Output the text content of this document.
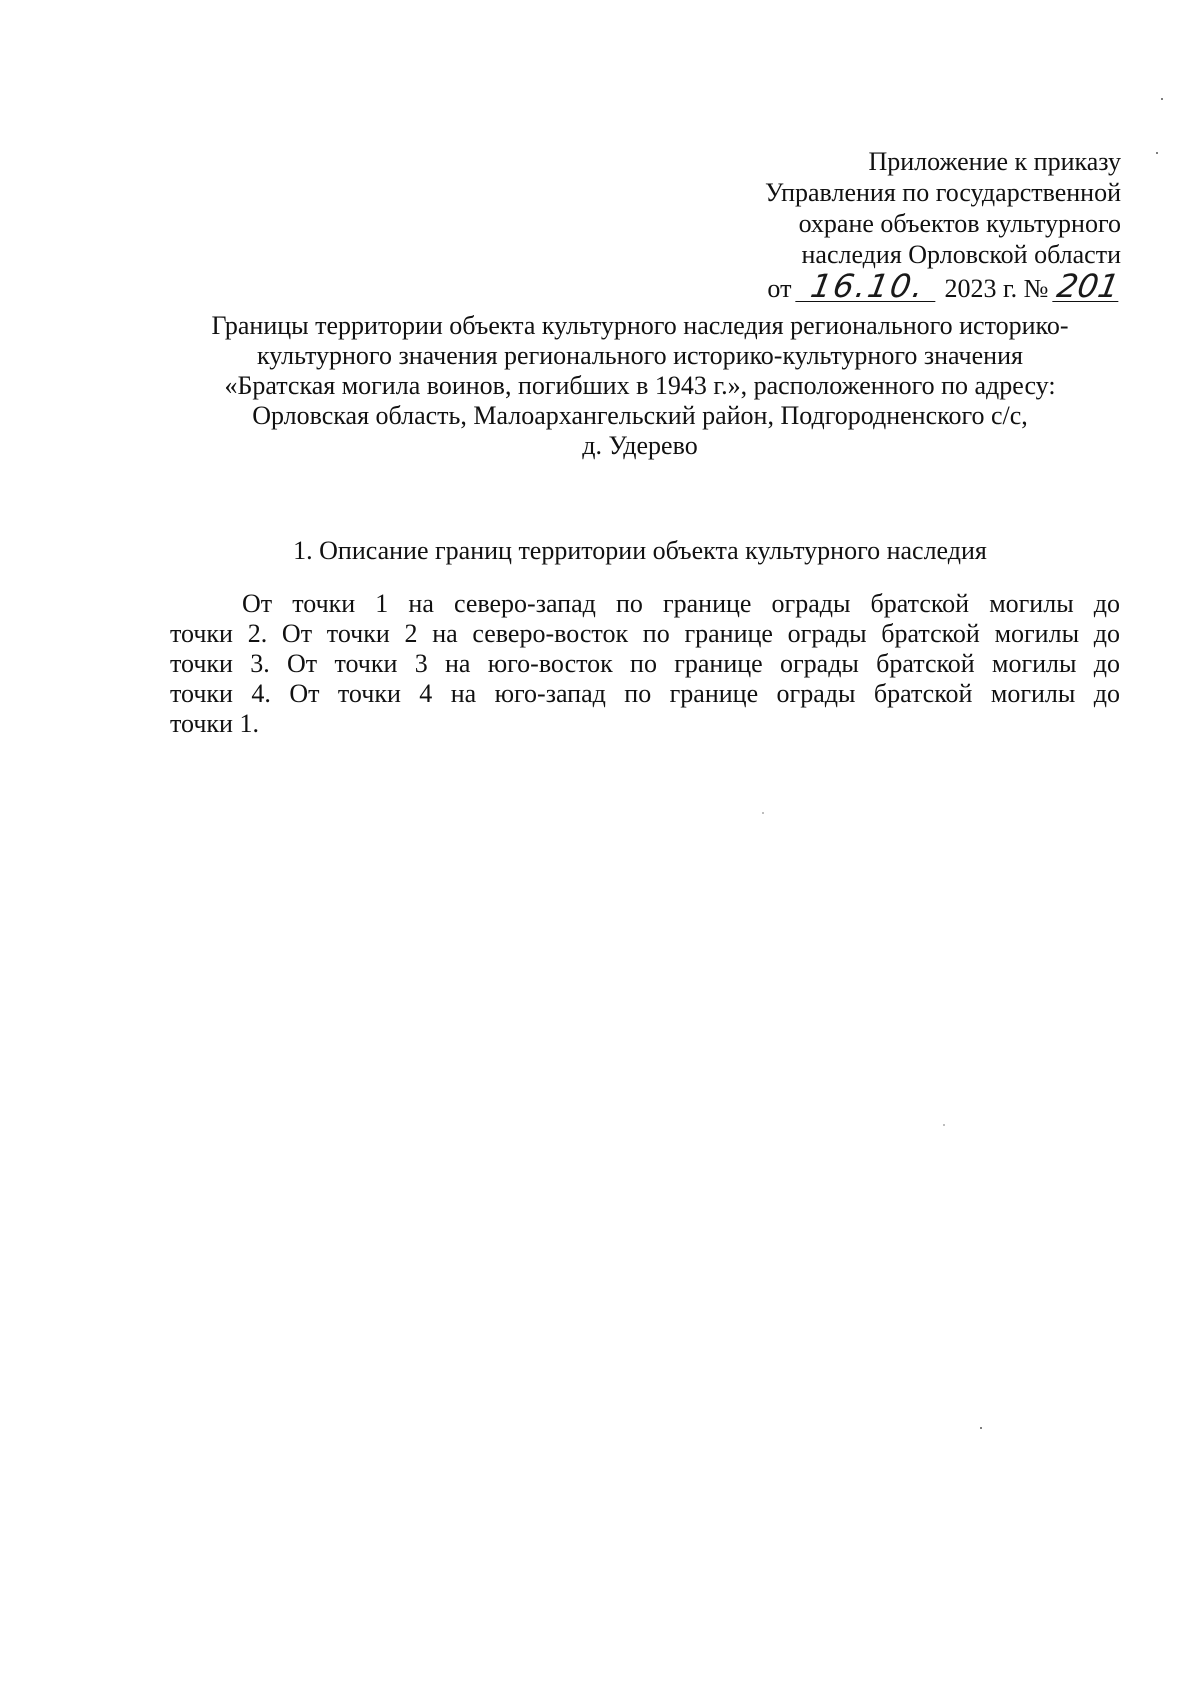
Приложение к приказу
Управления по государственной
охране объектов культурного
наследия Орловской области
от 16.10. 2023 г. № 201
Границы территории объекта культурного наследия регионального историко-
культурного значения регионального историко-культурного значения
«Братская могила воинов, погибших в 1943 г.», расположенного по адресу:
Орловская область, Малоархангельский район, Подгородненского с/с,
д. Удерево
1. Описание границ территории объекта культурного наследия
От точки 1 на северо-запад по границе ограды братской могилы до
точки 2. От точки 2 на северо-восток по границе ограды братской могилы до
точки 3. От точки 3 на юго-восток по границе ограды братской могилы до
точки 4. От точки 4 на юго-запад по границе ограды братской могилы до
точки 1.
